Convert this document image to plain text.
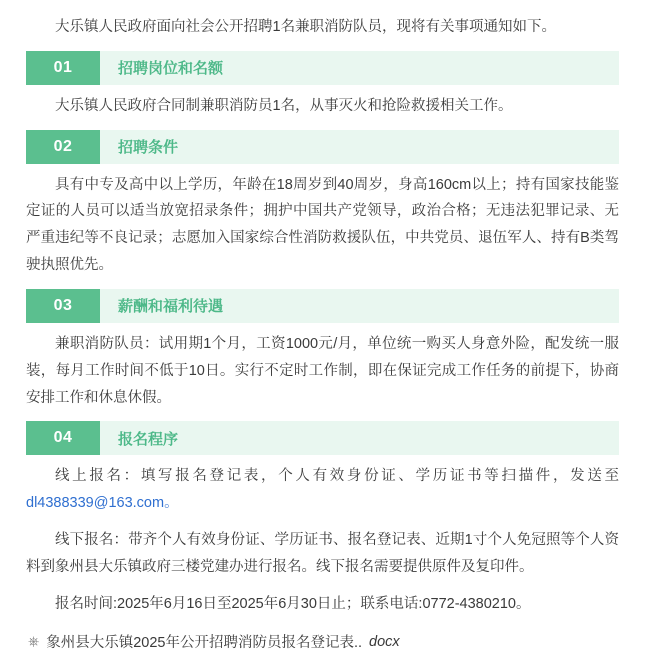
大乐镇人民政府面向社会公开招聘1名兼职消防队员，现将有关事项通知如下。

01	招聘岗位和名额

大乐镇人民政府合同制兼职消防员1名，从事灭火和抢险救援相关工作。

02	招聘条件

具有中专及高中以上学历，年龄在18周岁到40周岁，身高160cm以上；持有国家技能鉴定证的人员可以适当放宽招录条件；拥护中国共产党领导，政治合格；无违法犯罪记录、无严重违纪等不良记录；志愿加入国家综合性消防救援队伍，中共党员、退伍军人、持有B类驾驶执照优先。

03	薪酬和福利待遇

兼职消防队员：试用期1个月，工资1000元/月，单位统一购买人身意外险，配发统一服装，每月工作时间不低于10日。实行不定时工作制，即在保证完成工作任务的前提下，协商安排工作和休息休假。

04	报名程序

线上报名：填写报名登记表，个人有效身份证、学历证书等扫描件，发送至dl4388339@163.com。

线下报名：带齐个人有效身份证、学历证书、报名登记表、近期1寸个人免冠照等个人资料到象州县大乐镇政府三楼党建办进行报名。线下报名需要提供原件及复印件。

报名时间:2025年6月16日至2025年6月30日止；联系电话:0772-4380210。

⎈ 象州县大乐镇2025年公开招聘消防员报名登记表.. docx
